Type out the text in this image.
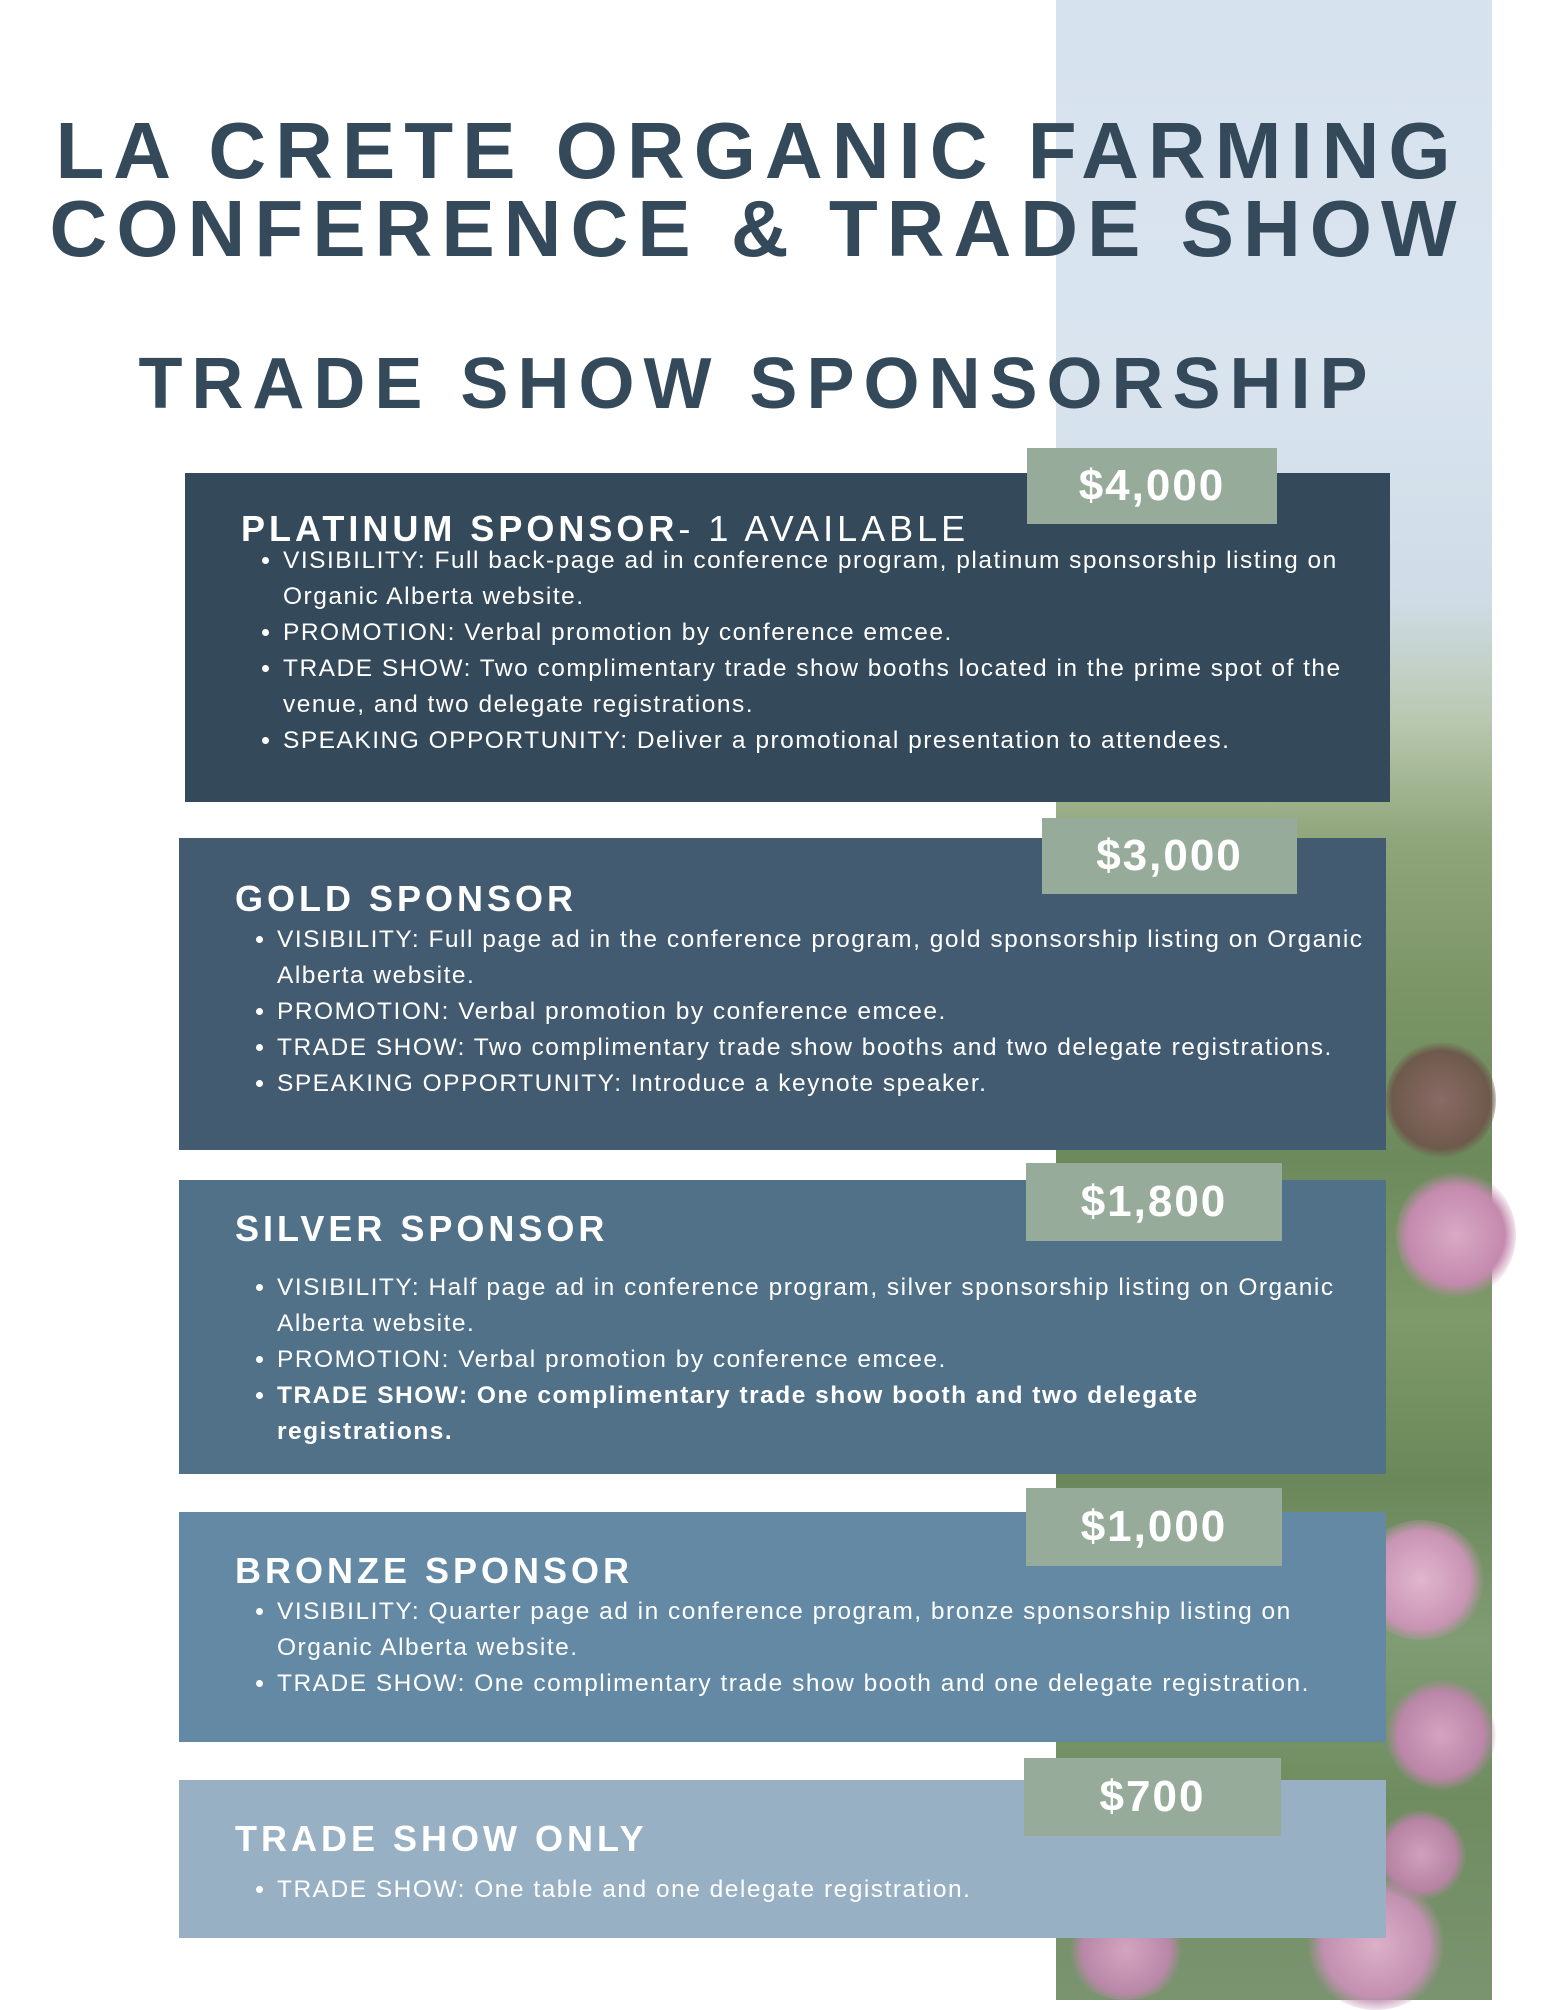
LA CRETE ORGANIC FARMING
CONFERENCE & TRADE SHOW
TRADE SHOW SPONSORSHIP
PLATINUM SPONSOR- 1 AVAILABLE
• VISIBILITY: Full back-page ad in conference program, platinum sponsorship listing on Organic Alberta website.
• PROMOTION: Verbal promotion by conference emcee.
• TRADE SHOW: Two complimentary trade show booths located in the prime spot of the venue, and two delegate registrations.
• SPEAKING OPPORTUNITY: Deliver a promotional presentation to attendees.
$4,000
GOLD SPONSOR
• VISIBILITY: Full page ad in the conference program, gold sponsorship listing on Organic Alberta website.
• PROMOTION: Verbal promotion by conference emcee.
• TRADE SHOW: Two complimentary trade show booths and two delegate registrations.
• SPEAKING OPPORTUNITY: Introduce a keynote speaker.
$3,000
SILVER SPONSOR
• VISIBILITY: Half page ad in conference program, silver sponsorship listing on Organic Alberta website.
• PROMOTION: Verbal promotion by conference emcee.
• TRADE SHOW: One complimentary trade show booth and two delegate registrations.
$1,800
BRONZE SPONSOR
• VISIBILITY: Quarter page ad in conference program, bronze sponsorship listing on Organic Alberta website.
• TRADE SHOW: One complimentary trade show booth and one delegate registration.
$1,000
TRADE SHOW ONLY
• TRADE SHOW: One table and one delegate registration.
$700
